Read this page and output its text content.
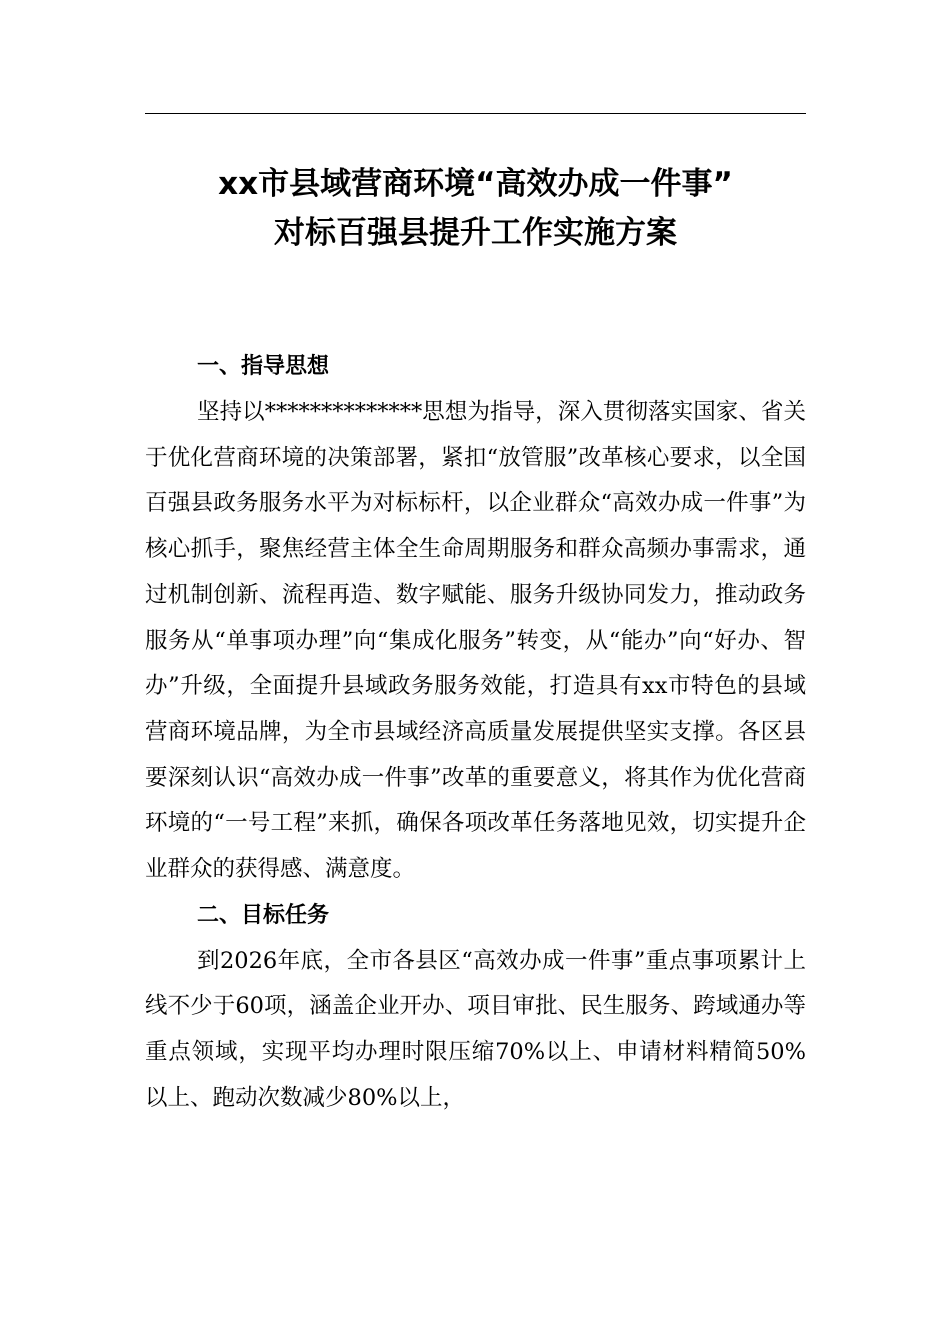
xx市县域营商环境“高效办成一件事”
对标百强县提升工作实施方案
一、指导思想

坚持以**************思想为指导，深入贯彻落实国家、省关于优化营商环境的决策部署，紧扣“放管服”改革核心要求，以全国百强县政务服务水平为对标标杆，以企业群众“高效办成一件事”为核心抓手，聚焦经营主体全生命周期服务和群众高频办事需求，通过机制创新、流程再造、数字赋能、服务升级协同发力，推动政务服务从“单事项办理”向“集成化服务”转变，从“能办”向“好办、智办”升级，全面提升县域政务服务效能，打造具有xx市特色的县域营商环境品牌，为全市县域经济高质量发展提供坚实支撑。各区县要深刻认识“高效办成一件事”改革的重要意义，将其作为优化营商环境的“一号工程”来抓，确保各项改革任务落地见效，切实提升企业群众的获得感、满意度。

二、目标任务

到2026年底，全市各县区“高效办成一件事”重点事项累计上线不少于60项，涵盖企业开办、项目审批、民生服务、跨域通办等重点领域，实现平均办理时限压缩70%以上、申请材料精简50%以上、跑动次数减少80%以上，
